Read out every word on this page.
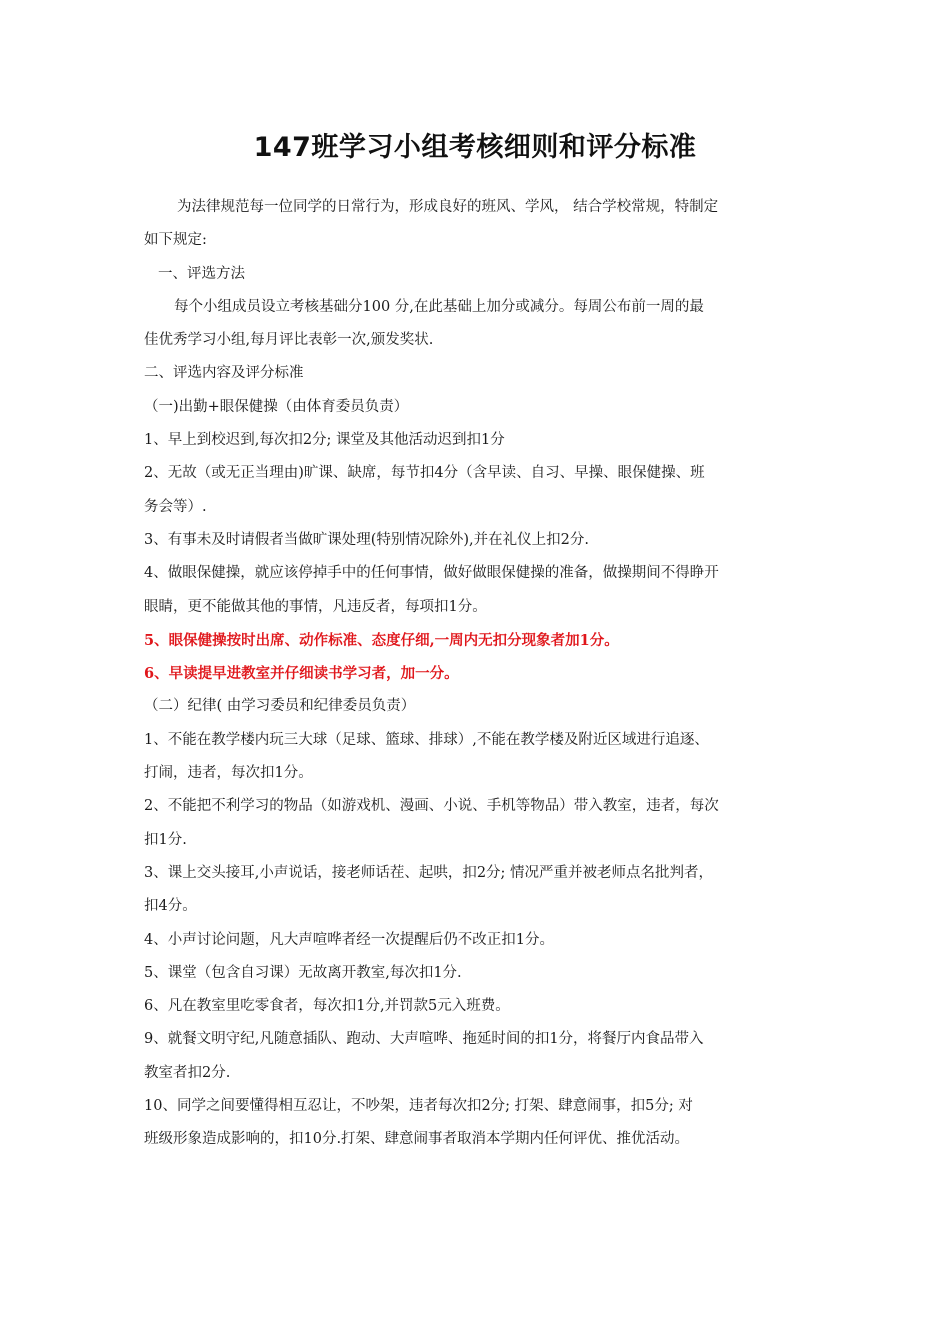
147班学习小组考核细则和评分标准
为法律规范每一位同学的日常行为，形成良好的班风、学风， 结合学校常规，特制定
如下规定:
一、评选方法
每个小组成员设立考核基础分100 分,在此基础上加分或减分。每周公布前一周的最
佳优秀学习小组,每月评比表彰一次,颁发奖状.
二、评选内容及评分标准
（一)出勤+眼保健操（由体育委员负责）
1、早上到校迟到,每次扣2分; 课堂及其他活动迟到扣1分
2、无故（或无正当理由)旷课、缺席，每节扣4分（含早读、自习、早操、眼保健操、班
务会等）.
3、有事未及时请假者当做旷课处理(特别情况除外),并在礼仪上扣2分.
4、做眼保健操，就应该停掉手中的任何事情，做好做眼保健操的准备，做操期间不得睁开
眼睛，更不能做其他的事情，凡违反者，每项扣1分。
5、眼保健操按时出席、动作标准、态度仔细,一周内无扣分现象者加1分。
6、早读提早进教室并仔细读书学习者，加一分。
（二）纪律( 由学习委员和纪律委员负责）
1、不能在教学楼内玩三大球（足球、篮球、排球）,不能在教学楼及附近区域进行追逐、
打闹，违者，每次扣1分。
2、不能把不利学习的物品（如游戏机、漫画、小说、手机等物品）带入教室，违者，每次
扣1分.
3、课上交头接耳,小声说话，接老师话茬、起哄，扣2分; 情况严重并被老师点名批判者，
扣4分。
4、小声讨论问题，凡大声喧哗者经一次提醒后仍不改正扣1分。
5、课堂（包含自习课）无故离开教室,每次扣1分.
6、凡在教室里吃零食者，每次扣1分,并罚款5元入班费。
9、就餐文明守纪,凡随意插队、跑动、大声喧哗、拖延时间的扣1分，将餐厅内食品带入
教室者扣2分.
10、同学之间要懂得相互忍让，不吵架，违者每次扣2分; 打架、肆意闹事，扣5分; 对
班级形象造成影响的，扣10分.打架、肆意闹事者取消本学期内任何评优、推优活动。
